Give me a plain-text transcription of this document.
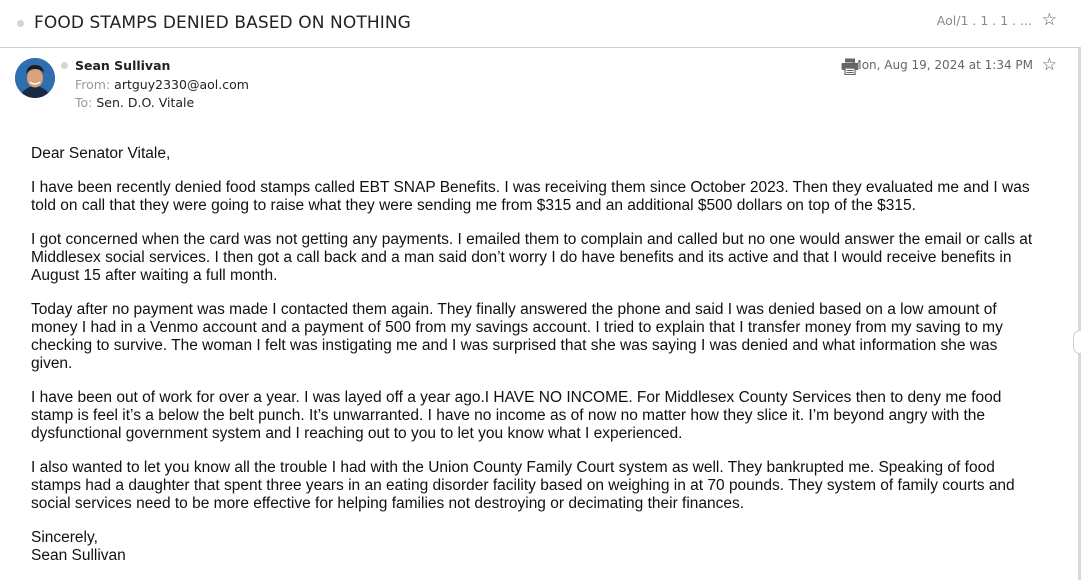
FOOD STAMPS DENIED BASED ON NOTHING	Aol/1 . 1 . 1 . ... ☆
Sean Sullivan
From: artguy2330@aol.com
To: Sen. D.O. Vitale
Mon, Aug 19, 2024 at 1:34 PM ☆

Dear Senator Vitale,

I have been recently denied food stamps called EBT SNAP Benefits. I was receiving them since October 2023. Then they evaluated me and I was told on call that they were going to raise what they were sending me from $315 and an additional $500 dollars on top of the $315.

I got concerned when the card was not getting any payments. I emailed them to complain and called but no one would answer the email or calls at Middlesex social services. I then got a call back and a man said don’t worry I do have benefits and its active and that I would receive benefits in August 15 after waiting a full month.

Today after no payment was made I contacted them again. They finally answered the phone and said I was denied based on a low amount of money I had in a Venmo account and a payment of 500 from my savings account. I tried to explain that I transfer money from my saving to my checking to survive. The woman I felt was instigating me and I was surprised that she was saying I was denied and what information she was given.

I have been out of work for over a year. I was layed off a year ago.I HAVE NO INCOME. For Middlesex County Services then to deny me food stamp is feel it’s a below the belt punch. It’s unwarranted. I have no income as of now no matter how they slice it. I’m beyond angry with the dysfunctional government system and I reaching out to you to let you know what I experienced.

I also wanted to let you know all the trouble I had with the Union County Family Court system as well. They bankrupted me. Speaking of food stamps had a daughter that spent three years in an eating disorder facility based on weighing in at 70 pounds. They system of family courts and social services need to be more effective for helping families not destroying or decimating their finances.

Sincerely,
Sean Sullivan
